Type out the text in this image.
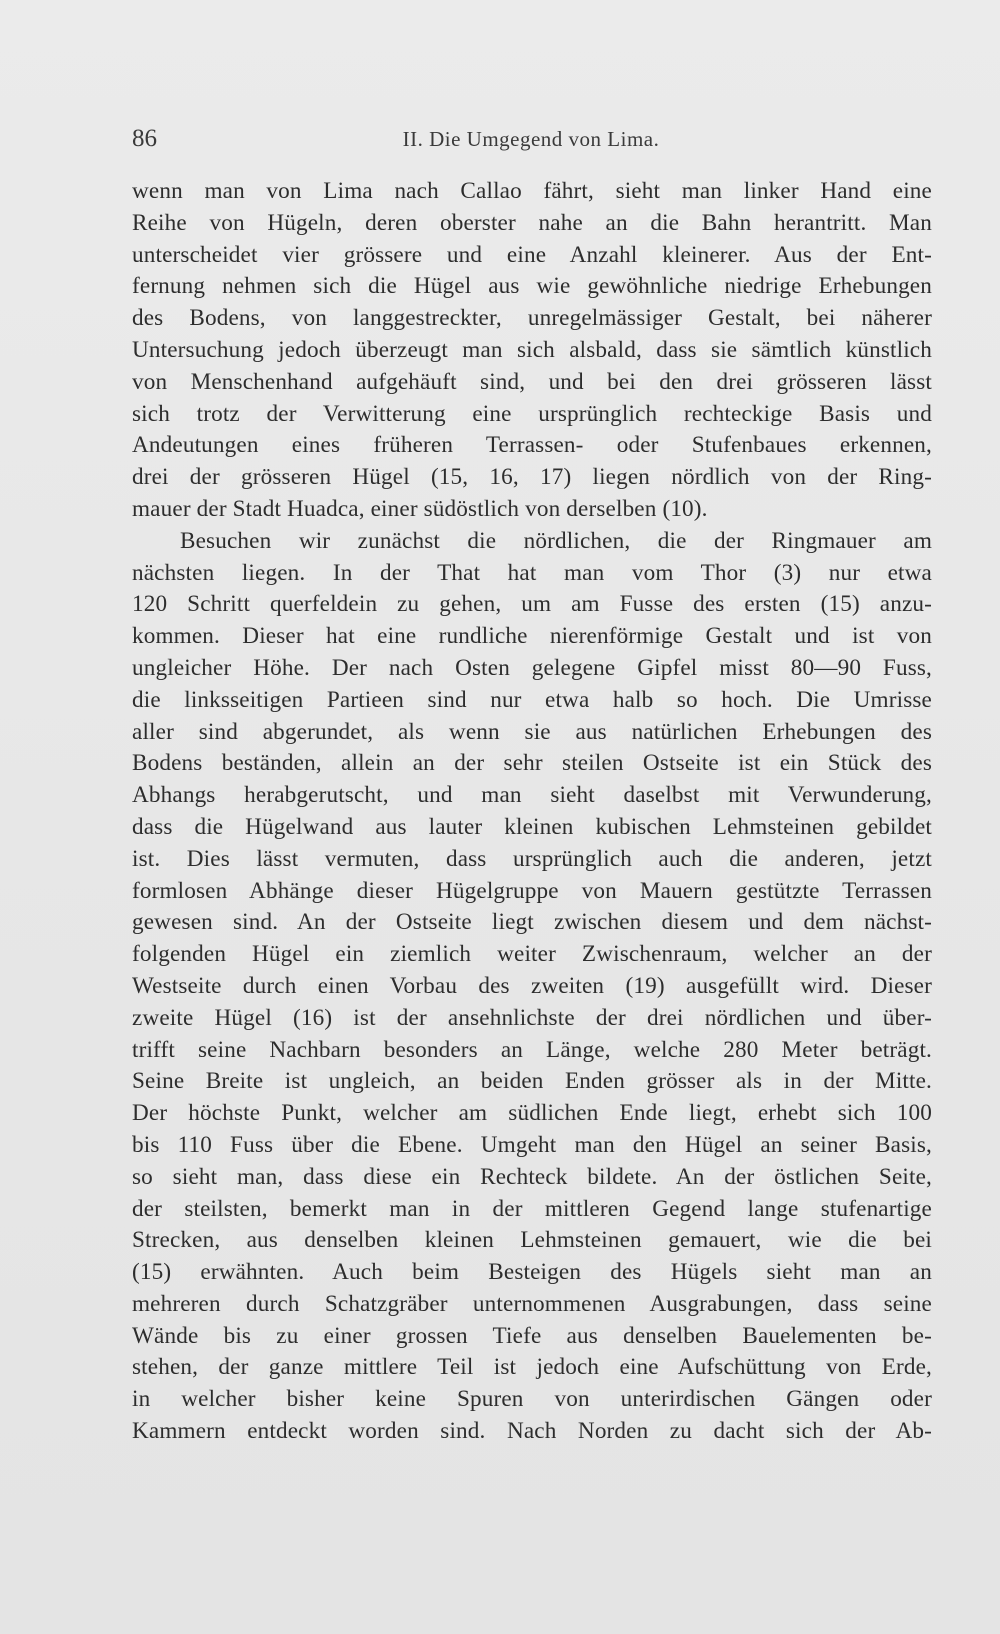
86	II. Die Umgegend von Lima.
wenn man von Lima nach Callao fährt, sieht man linker Hand eine
Reihe von Hügeln, deren oberster nahe an die Bahn herantritt. Man
unterscheidet vier grössere und eine Anzahl kleinerer. Aus der Ent-
fernung nehmen sich die Hügel aus wie gewöhnliche niedrige Erhebungen
des Bodens, von langgestreckter, unregelmässiger Gestalt, bei näherer
Untersuchung jedoch überzeugt man sich alsbald, dass sie sämtlich künstlich
von Menschenhand aufgehäuft sind, und bei den drei grösseren lässt
sich trotz der Verwitterung eine ursprünglich rechteckige Basis und
Andeutungen eines früheren Terrassen- oder Stufenbaues erkennen,
drei der grösseren Hügel (15, 16, 17) liegen nördlich von der Ring-
mauer der Stadt Huadca, einer südöstlich von derselben (10).
Besuchen wir zunächst die nördlichen, die der Ringmauer am
nächsten liegen. In der That hat man vom Thor (3) nur etwa
120 Schritt querfeldein zu gehen, um am Fusse des ersten (15) anzu-
kommen. Dieser hat eine rundliche nierenförmige Gestalt und ist von
ungleicher Höhe. Der nach Osten gelegene Gipfel misst 80—90 Fuss,
die linksseitigen Partieen sind nur etwa halb so hoch. Die Umrisse
aller sind abgerundet, als wenn sie aus natürlichen Erhebungen des
Bodens beständen, allein an der sehr steilen Ostseite ist ein Stück des
Abhangs herabgerutscht, und man sieht daselbst mit Verwunderung,
dass die Hügelwand aus lauter kleinen kubischen Lehmsteinen gebildet
ist. Dies lässt vermuten, dass ursprünglich auch die anderen, jetzt
formlosen Abhänge dieser Hügelgruppe von Mauern gestützte Terrassen
gewesen sind. An der Ostseite liegt zwischen diesem und dem nächst-
folgenden Hügel ein ziemlich weiter Zwischenraum, welcher an der
Westseite durch einen Vorbau des zweiten (19) ausgefüllt wird. Dieser
zweite Hügel (16) ist der ansehnlichste der drei nördlichen und über-
trifft seine Nachbarn besonders an Länge, welche 280 Meter beträgt.
Seine Breite ist ungleich, an beiden Enden grösser als in der Mitte.
Der höchste Punkt, welcher am südlichen Ende liegt, erhebt sich 100
bis 110 Fuss über die Ebene. Umgeht man den Hügel an seiner Basis,
so sieht man, dass diese ein Rechteck bildete. An der östlichen Seite,
der steilsten, bemerkt man in der mittleren Gegend lange stufenartige
Strecken, aus denselben kleinen Lehmsteinen gemauert, wie die bei
(15) erwähnten. Auch beim Besteigen des Hügels sieht man an
mehreren durch Schatzgräber unternommenen Ausgrabungen, dass seine
Wände bis zu einer grossen Tiefe aus denselben Bauelementen be-
stehen, der ganze mittlere Teil ist jedoch eine Aufschüttung von Erde,
in welcher bisher keine Spuren von unterirdischen Gängen oder
Kammern entdeckt worden sind. Nach Norden zu dacht sich der Ab-
